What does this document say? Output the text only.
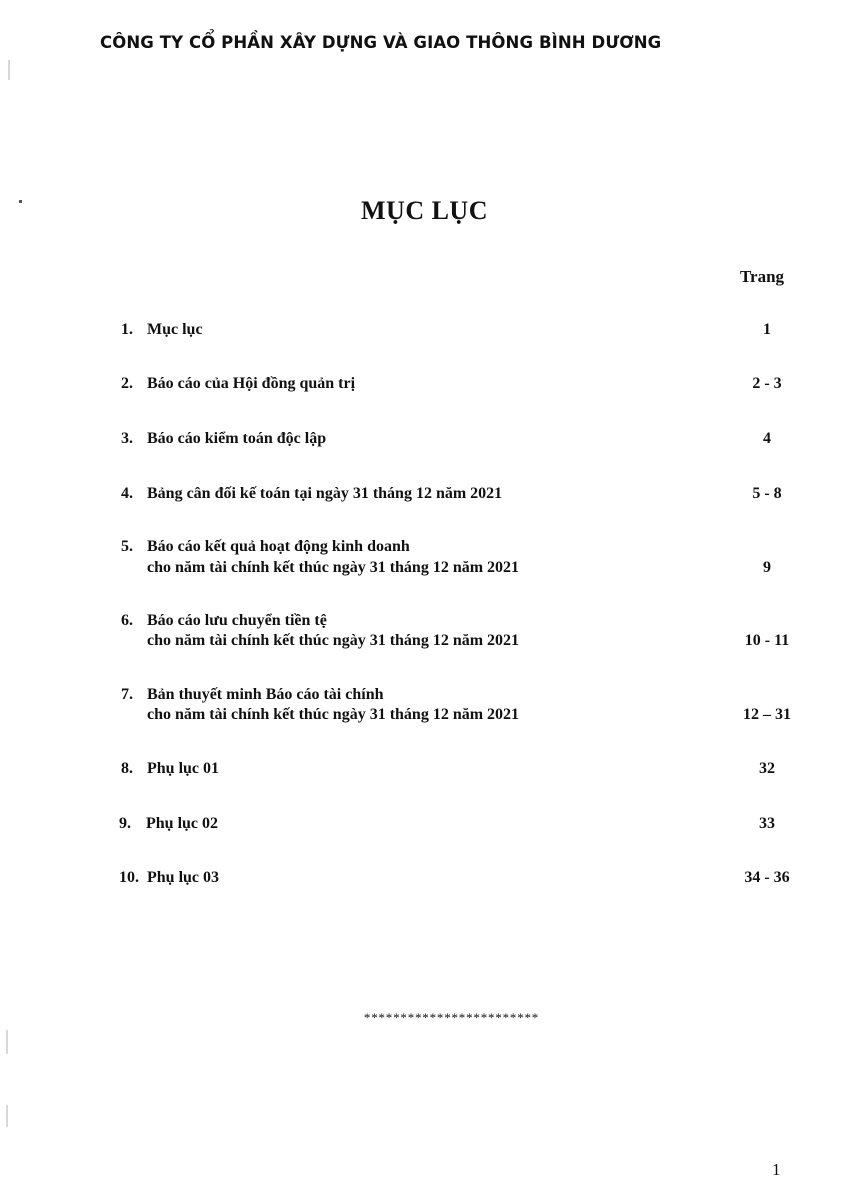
CÔNG TY CỔ PHẦN XÂY DỰNG VÀ GIAO THÔNG BÌNH DƯƠNG
MỤC LỤC
Trang
1. Mục lục	1
2. Báo cáo của Hội đồng quản trị	2 - 3
3. Báo cáo kiểm toán độc lập	4
4. Bảng cân đối kế toán tại ngày 31 tháng 12 năm 2021	5 - 8
5. Báo cáo kết quả hoạt động kinh doanh
cho năm tài chính kết thúc ngày 31 tháng 12 năm 2021	9
6. Báo cáo lưu chuyển tiền tệ
cho năm tài chính kết thúc ngày 31 tháng 12 năm 2021	10 - 11
7. Bản thuyết minh Báo cáo tài chính
cho năm tài chính kết thúc ngày 31 tháng 12 năm 2021	12 – 31
8. Phụ lục 01	32
9. Phụ lục 02	33
10. Phụ lục 03	34 - 36
************************
1
